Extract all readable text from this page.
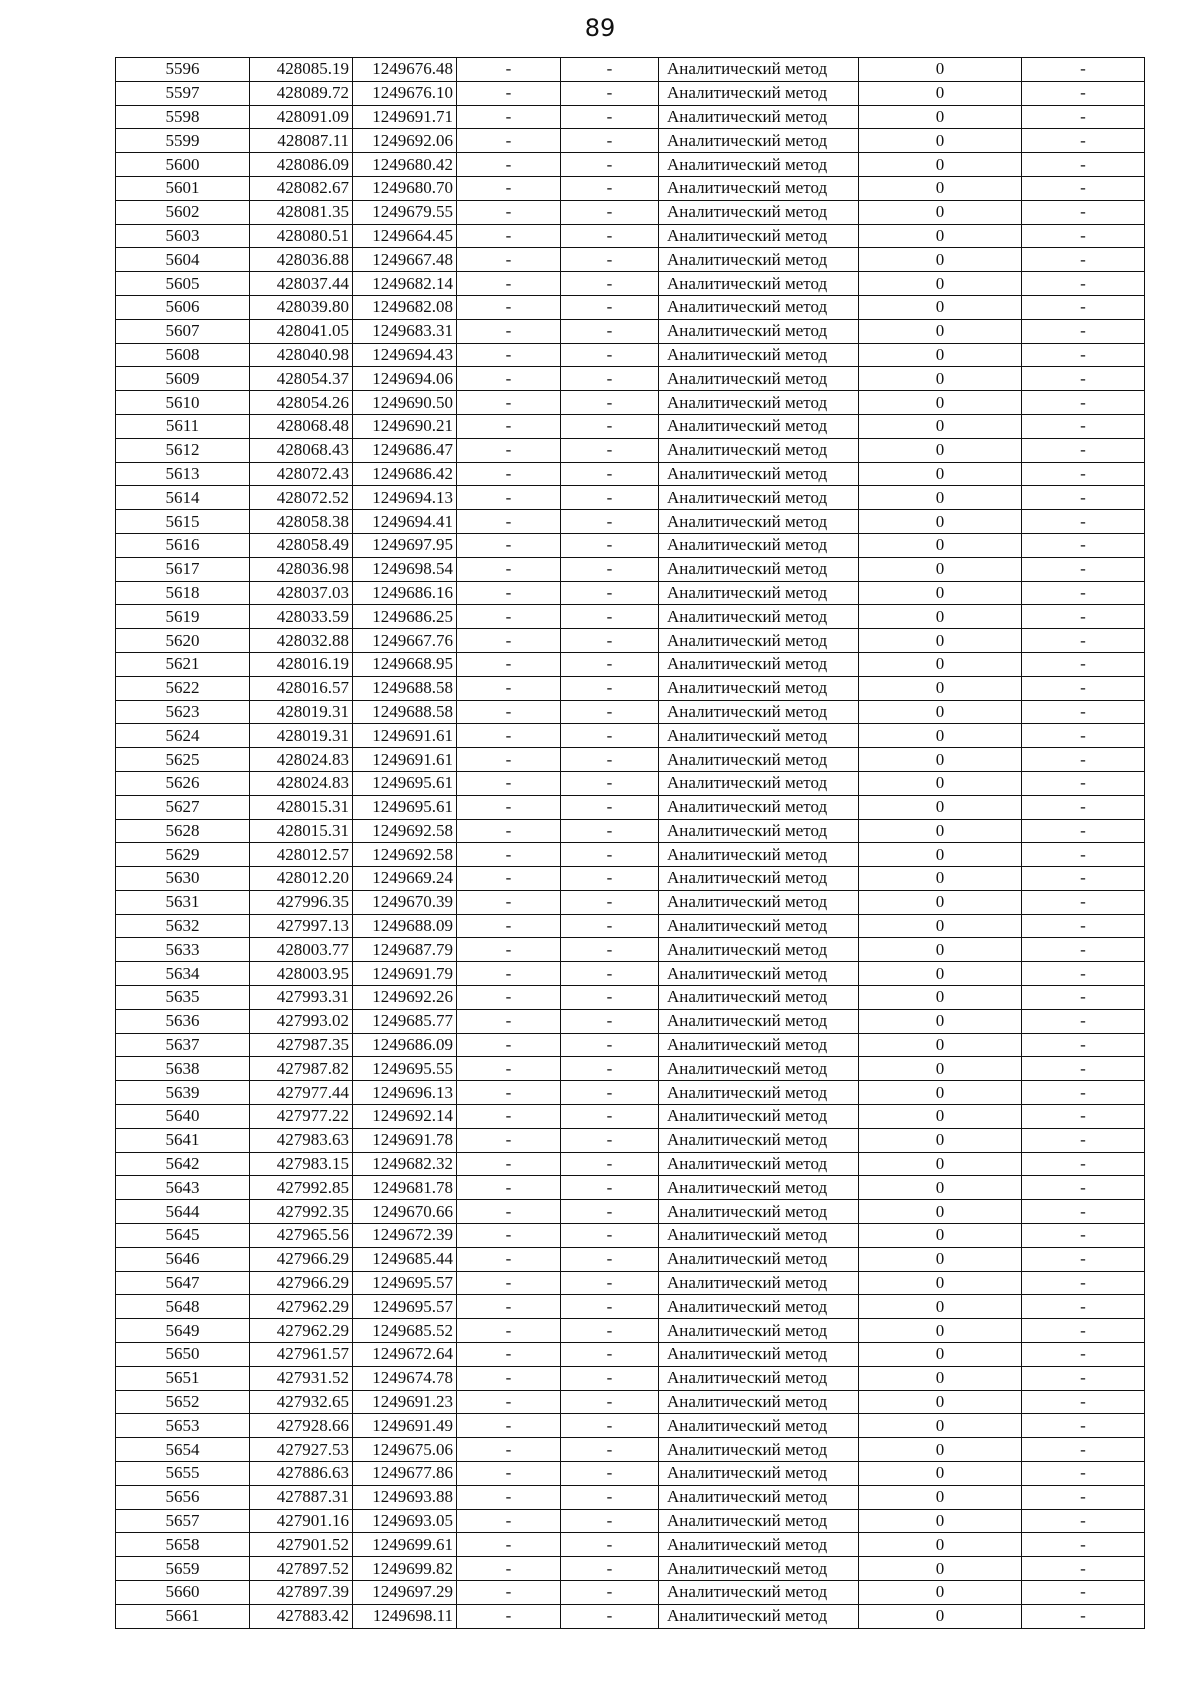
89
5596	428085.19	1249676.48	-	-	Аналитический метод	0	-
5597	428089.72	1249676.10	-	-	Аналитический метод	0	-
5598	428091.09	1249691.71	-	-	Аналитический метод	0	-
5599	428087.11	1249692.06	-	-	Аналитический метод	0	-
5600	428086.09	1249680.42	-	-	Аналитический метод	0	-
5601	428082.67	1249680.70	-	-	Аналитический метод	0	-
5602	428081.35	1249679.55	-	-	Аналитический метод	0	-
5603	428080.51	1249664.45	-	-	Аналитический метод	0	-
5604	428036.88	1249667.48	-	-	Аналитический метод	0	-
5605	428037.44	1249682.14	-	-	Аналитический метод	0	-
5606	428039.80	1249682.08	-	-	Аналитический метод	0	-
5607	428041.05	1249683.31	-	-	Аналитический метод	0	-
5608	428040.98	1249694.43	-	-	Аналитический метод	0	-
5609	428054.37	1249694.06	-	-	Аналитический метод	0	-
5610	428054.26	1249690.50	-	-	Аналитический метод	0	-
5611	428068.48	1249690.21	-	-	Аналитический метод	0	-
5612	428068.43	1249686.47	-	-	Аналитический метод	0	-
5613	428072.43	1249686.42	-	-	Аналитический метод	0	-
5614	428072.52	1249694.13	-	-	Аналитический метод	0	-
5615	428058.38	1249694.41	-	-	Аналитический метод	0	-
5616	428058.49	1249697.95	-	-	Аналитический метод	0	-
5617	428036.98	1249698.54	-	-	Аналитический метод	0	-
5618	428037.03	1249686.16	-	-	Аналитический метод	0	-
5619	428033.59	1249686.25	-	-	Аналитический метод	0	-
5620	428032.88	1249667.76	-	-	Аналитический метод	0	-
5621	428016.19	1249668.95	-	-	Аналитический метод	0	-
5622	428016.57	1249688.58	-	-	Аналитический метод	0	-
5623	428019.31	1249688.58	-	-	Аналитический метод	0	-
5624	428019.31	1249691.61	-	-	Аналитический метод	0	-
5625	428024.83	1249691.61	-	-	Аналитический метод	0	-
5626	428024.83	1249695.61	-	-	Аналитический метод	0	-
5627	428015.31	1249695.61	-	-	Аналитический метод	0	-
5628	428015.31	1249692.58	-	-	Аналитический метод	0	-
5629	428012.57	1249692.58	-	-	Аналитический метод	0	-
5630	428012.20	1249669.24	-	-	Аналитический метод	0	-
5631	427996.35	1249670.39	-	-	Аналитический метод	0	-
5632	427997.13	1249688.09	-	-	Аналитический метод	0	-
5633	428003.77	1249687.79	-	-	Аналитический метод	0	-
5634	428003.95	1249691.79	-	-	Аналитический метод	0	-
5635	427993.31	1249692.26	-	-	Аналитический метод	0	-
5636	427993.02	1249685.77	-	-	Аналитический метод	0	-
5637	427987.35	1249686.09	-	-	Аналитический метод	0	-
5638	427987.82	1249695.55	-	-	Аналитический метод	0	-
5639	427977.44	1249696.13	-	-	Аналитический метод	0	-
5640	427977.22	1249692.14	-	-	Аналитический метод	0	-
5641	427983.63	1249691.78	-	-	Аналитический метод	0	-
5642	427983.15	1249682.32	-	-	Аналитический метод	0	-
5643	427992.85	1249681.78	-	-	Аналитический метод	0	-
5644	427992.35	1249670.66	-	-	Аналитический метод	0	-
5645	427965.56	1249672.39	-	-	Аналитический метод	0	-
5646	427966.29	1249685.44	-	-	Аналитический метод	0	-
5647	427966.29	1249695.57	-	-	Аналитический метод	0	-
5648	427962.29	1249695.57	-	-	Аналитический метод	0	-
5649	427962.29	1249685.52	-	-	Аналитический метод	0	-
5650	427961.57	1249672.64	-	-	Аналитический метод	0	-
5651	427931.52	1249674.78	-	-	Аналитический метод	0	-
5652	427932.65	1249691.23	-	-	Аналитический метод	0	-
5653	427928.66	1249691.49	-	-	Аналитический метод	0	-
5654	427927.53	1249675.06	-	-	Аналитический метод	0	-
5655	427886.63	1249677.86	-	-	Аналитический метод	0	-
5656	427887.31	1249693.88	-	-	Аналитический метод	0	-
5657	427901.16	1249693.05	-	-	Аналитический метод	0	-
5658	427901.52	1249699.61	-	-	Аналитический метод	0	-
5659	427897.52	1249699.82	-	-	Аналитический метод	0	-
5660	427897.39	1249697.29	-	-	Аналитический метод	0	-
5661	427883.42	1249698.11	-	-	Аналитический метод	0	-
